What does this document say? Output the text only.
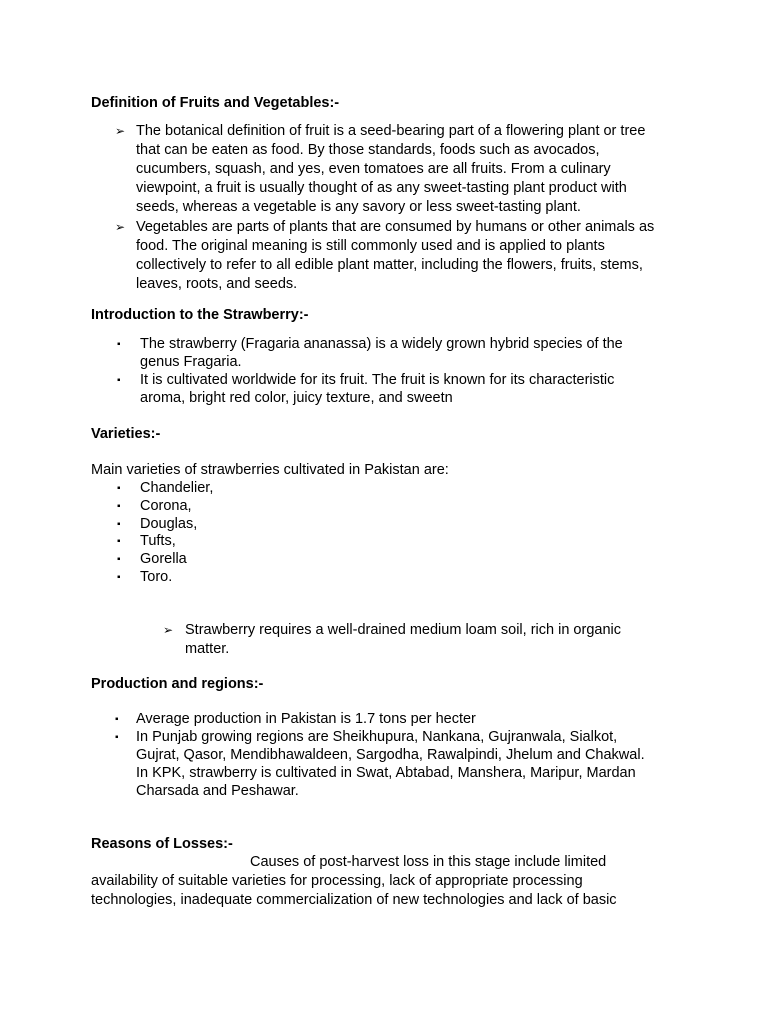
Definition of Fruits and Vegetables:-
➢ The botanical definition of fruit is a seed-bearing part of a flowering plant or tree
that can be eaten as food. By those standards, foods such as avocados,
cucumbers, squash, and yes, even tomatoes are all fruits. From a culinary
viewpoint, a fruit is usually thought of as any sweet-tasting plant product with
seeds, whereas a vegetable is any savory or less sweet-tasting plant.
➢ Vegetables are parts of plants that are consumed by humans or other animals as
food. The original meaning is still commonly used and is applied to plants
collectively to refer to all edible plant matter, including the flowers, fruits, stems,
leaves, roots, and seeds.
Introduction to the Strawberry:-
▪ The strawberry (Fragaria ananassa) is a widely grown hybrid species of the
genus Fragaria.
▪ It is cultivated worldwide for its fruit. The fruit is known for its characteristic
aroma, bright red color, juicy texture, and sweetn
Varieties:-
Main varieties of strawberries cultivated in Pakistan are:
▪ Chandelier,
▪ Corona,
▪ Douglas,
▪ Tufts,
▪ Gorella
▪ Toro.
➢ Strawberry requires a well-drained medium loam soil, rich in organic
matter.
Production and regions:-
▪ Average production in Pakistan is 1.7 tons per hecter
▪ In Punjab growing regions are Sheikhupura, Nankana, Gujranwala, Sialkot,
Gujrat, Qasor, Mendibhawaldeen, Sargodha, Rawalpindi, Jhelum and Chakwal.
In KPK, strawberry is cultivated in Swat, Abtabad, Manshera, Maripur, Mardan
Charsada and Peshawar.
Reasons of Losses:-
Causes of post-harvest loss in this stage include limited
availability of suitable varieties for processing, lack of appropriate processing
technologies, inadequate commercialization of new technologies and lack of basic
